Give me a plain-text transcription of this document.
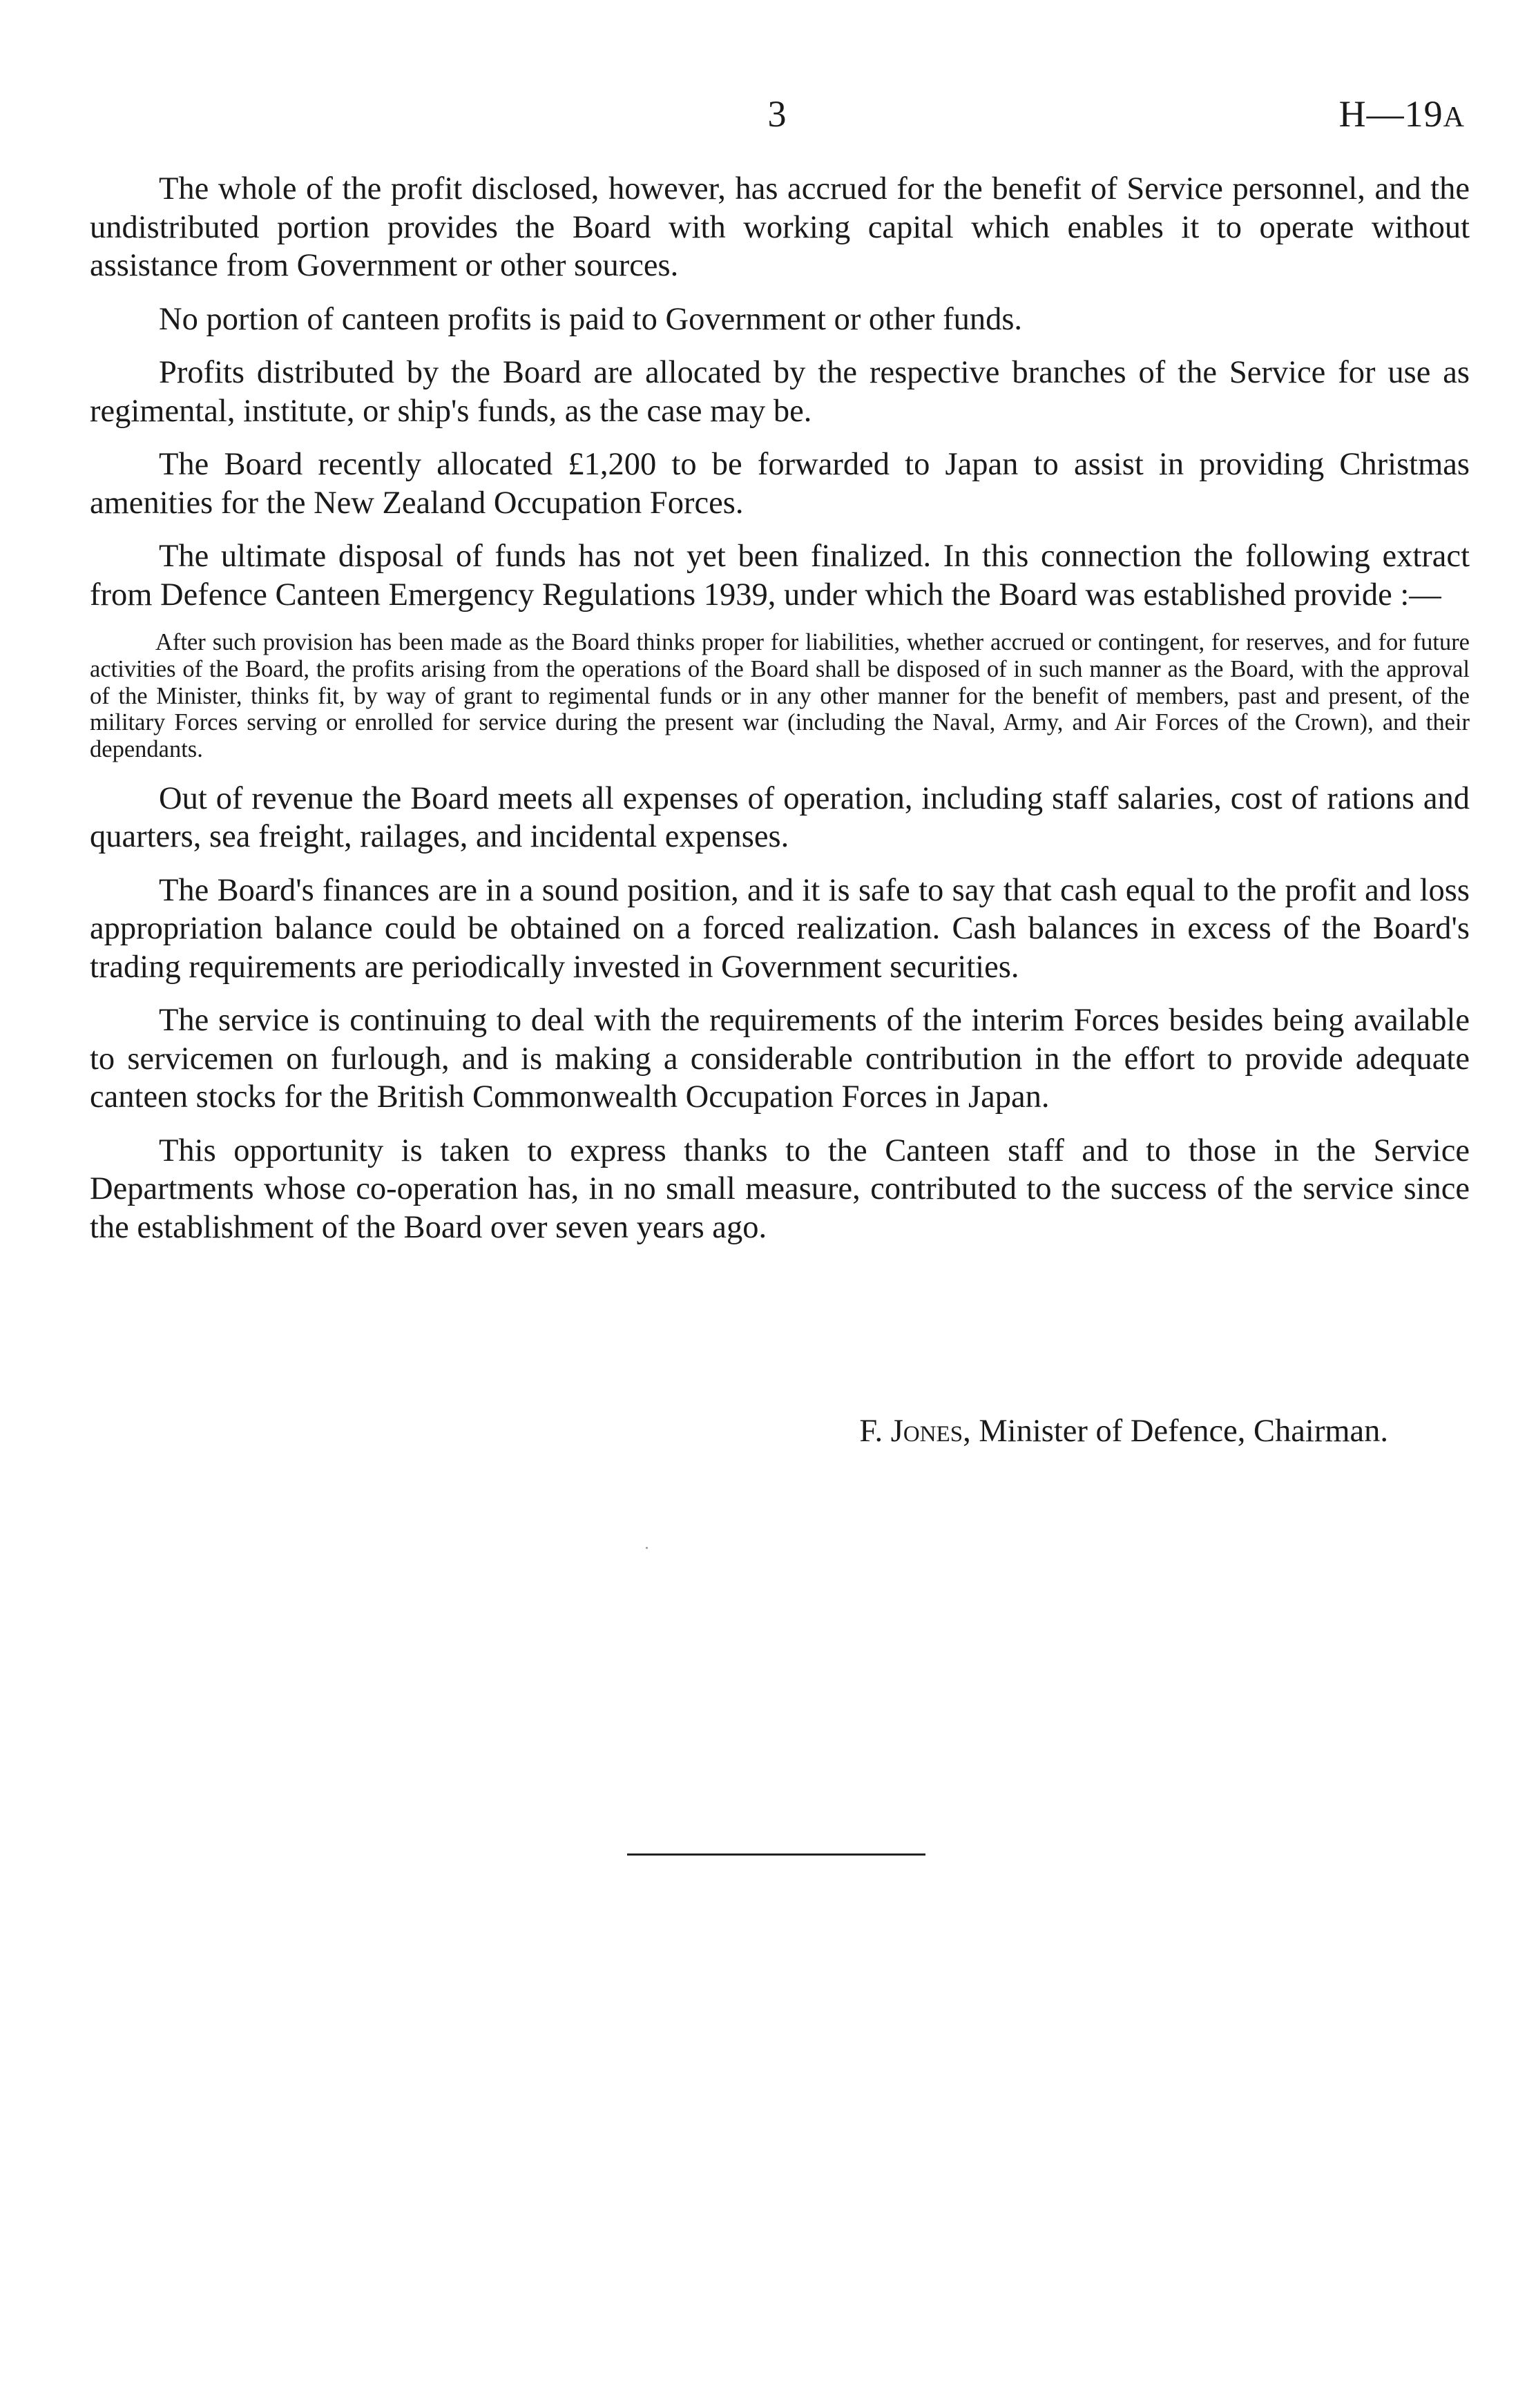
3	H—19A

The whole of the profit disclosed, however, has accrued for the benefit of Service personnel, and the undistributed portion provides the Board with working capital which enables it to operate without assistance from Government or other sources.

No portion of canteen profits is paid to Government or other funds.

Profits distributed by the Board are allocated by the respective branches of the Service for use as regimental, institute, or ship's funds, as the case may be.

The Board recently allocated £1,200 to be forwarded to Japan to assist in providing Christmas amenities for the New Zealand Occupation Forces.

The ultimate disposal of funds has not yet been finalized. In this connection the following extract from Defence Canteen Emergency Regulations 1939, under which the Board was established provide :—

After such provision has been made as the Board thinks proper for liabilities, whether accrued or contingent, for reserves, and for future activities of the Board, the profits arising from the operations of the Board shall be disposed of in such manner as the Board, with the approval of the Minister, thinks fit, by way of grant to regimental funds or in any other manner for the benefit of members, past and present, of the military Forces serving or enrolled for service during the present war (including the Naval, Army, and Air Forces of the Crown), and their dependants.

Out of revenue the Board meets all expenses of operation, including staff salaries, cost of rations and quarters, sea freight, railages, and incidental expenses.

The Board's finances are in a sound position, and it is safe to say that cash equal to the profit and loss appropriation balance could be obtained on a forced realization. Cash balances in excess of the Board's trading requirements are periodically invested in Government securities.

The service is continuing to deal with the requirements of the interim Forces besides being available to servicemen on furlough, and is making a considerable contribution in the effort to provide adequate canteen stocks for the British Commonwealth Occupation Forces in Japan.

This opportunity is taken to express thanks to the Canteen staff and to those in the Service Departments whose co-operation has, in no small measure, contributed to the success of the service since the establishment of the Board over seven years ago.

F. Jones, Minister of Defence, Chairman.
